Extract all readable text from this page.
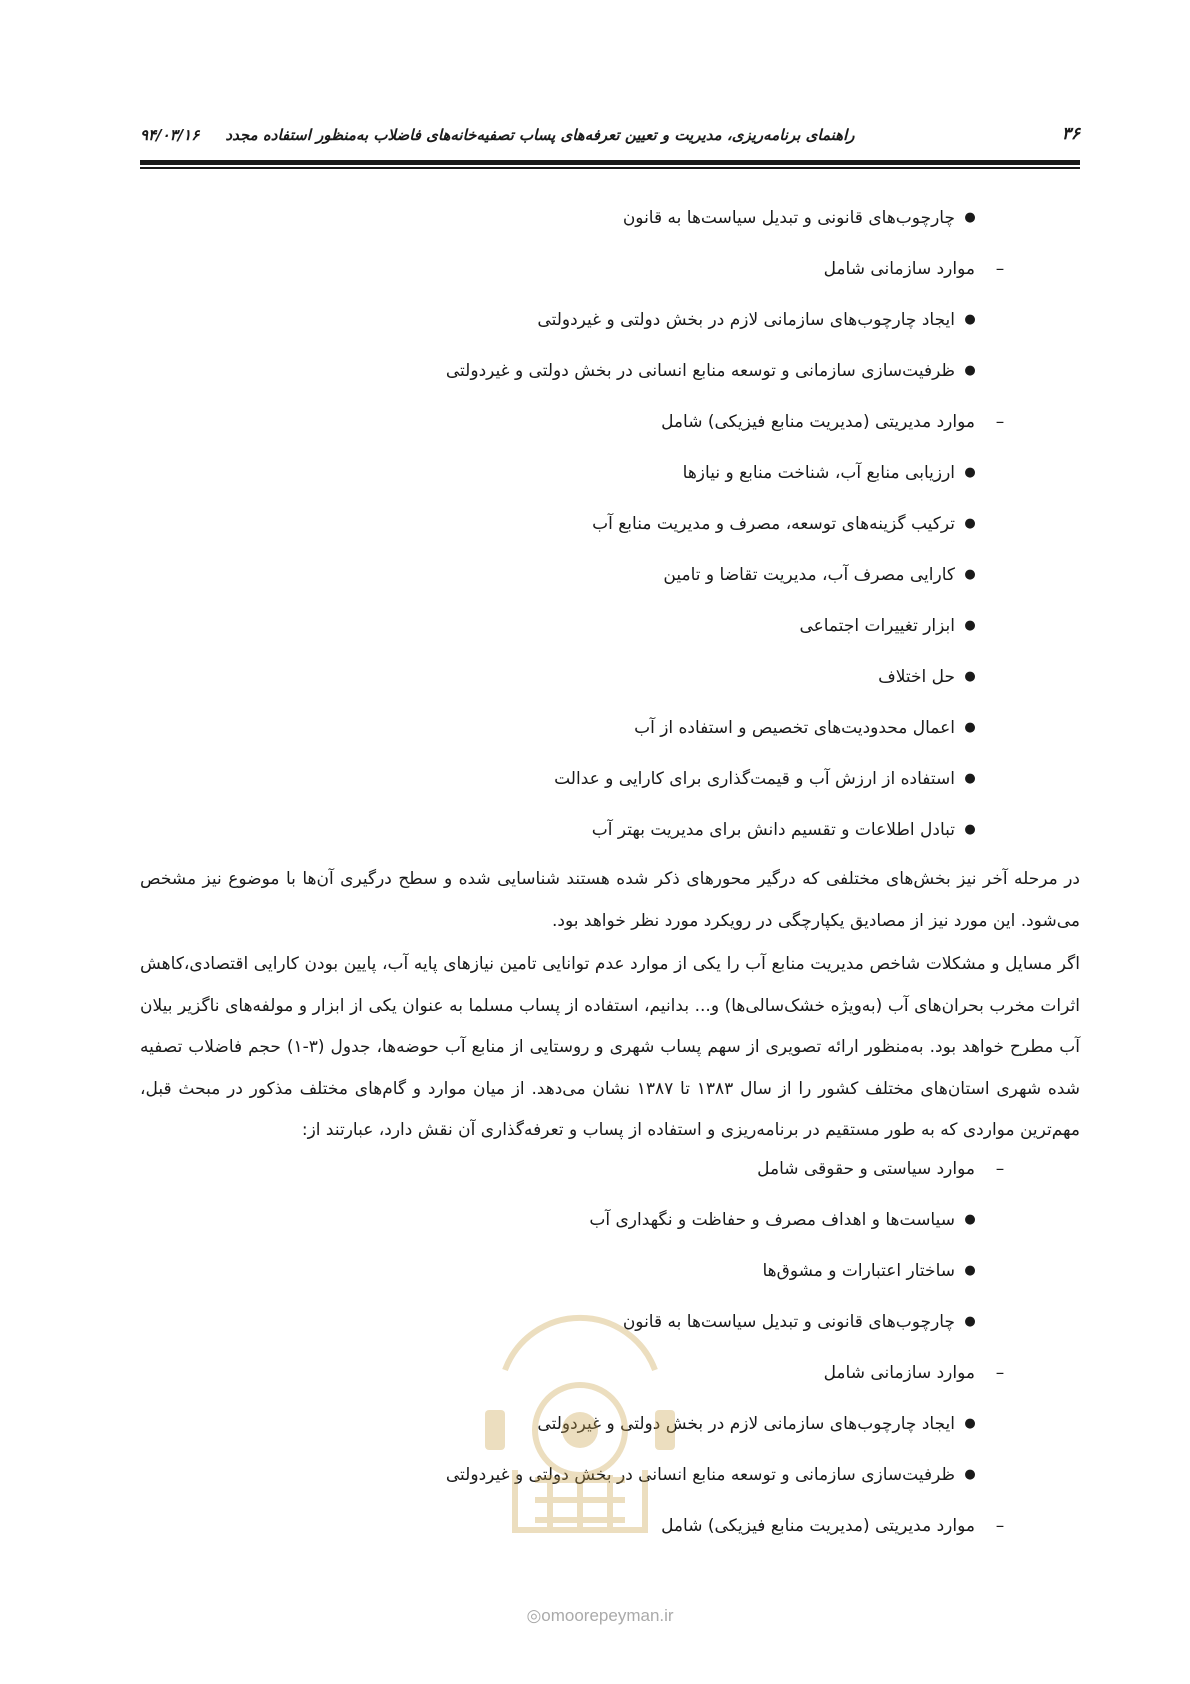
۳۶
راهنمای برنامه‌ریزی، مدیریت و تعیین تعرفه‌های پساب تصفیه‌خانه‌های فاضلاب به‌منظور استفاده مجدد     ۹۴/۰۳/۱۶
●
چارچوب‌های قانونی و تبدیل سیاست‌ها به قانون
–
موارد سازمانی شامل
●
ایجاد چارچوب‌های سازمانی لازم در بخش دولتی و غیردولتی
●
ظرفیت‌سازی سازمانی و توسعه منابع انسانی در بخش دولتی و غیردولتی
–
موارد مدیریتی (مدیریت منابع فیزیکی) شامل
●
ارزیابی منابع آب، شناخت منابع و نیازها
●
ترکیب گزینه‌های توسعه، مصرف و مدیریت منابع آب
●
کارایی مصرف آب، مدیریت تقاضا و تامین
●
ابزار تغییرات اجتماعی
●
حل اختلاف
●
اعمال محدودیت‌های تخصیص و استفاده از آب
●
استفاده از ارزش آب و قیمت‌گذاری برای کارایی و عدالت
●
تبادل اطلاعات و تقسیم دانش برای مدیریت بهتر آب

در مرحله آخر نیز بخش‌های مختلفی که درگیر محورهای ذکر شده هستند شناسایی شده و سطح درگیری آن‌ها با موضوع نیز مشخص می‌شود. این مورد نیز از مصادیق یکپارچگی در رویکرد مورد نظر خواهد بود.

اگر مسایل و مشکلات شاخص مدیریت منابع آب را یکی از موارد عدم توانایی تامین نیازهای پایه آب، پایین بودن کارایی اقتصادی،کاهش اثرات مخرب بحران‌های آب (به‌ویژه خشک‌سالی‌ها) و... بدانیم، استفاده از پساب مسلما به عنوان یکی از ابزار و مولفه‌های ناگزیر بیلان آب مطرح خواهد بود. به‌منظور ارائه تصویری از سهم پساب شهری و روستایی از منابع آب حوضه‌ها، جدول (۳-۱) حجم فاضلاب تصفیه شده شهری استان‌های مختلف کشور را از سال ۱۳۸۳ تا ۱۳۸۷ نشان می‌دهد. از میان موارد و گام‌های مختلف مذکور در مبحث قبل، مهم‌ترین مواردی که به طور مستقیم در برنامه‌ریزی و استفاده از پساب و تعرفه‌گذاری آن نقش دارد، عبارتند از:

–
موارد سیاستی و حقوقی شامل
●
سیاست‌ها و اهداف مصرف و حفاظت و نگهداری آب
●
ساختار اعتبارات و مشوق‌ها
●
چارچوب‌های قانونی و تبدیل سیاست‌ها به قانون
–
موارد سازمانی شامل
●
ایجاد چارچوب‌های سازمانی لازم در بخش دولتی و غیردولتی
●
ظرفیت‌سازی سازمانی و توسعه منابع انسانی در بخش دولتی و غیردولتی
–
موارد مدیریتی (مدیریت منابع فیزیکی) شامل
◎omoorepeyman.ir
